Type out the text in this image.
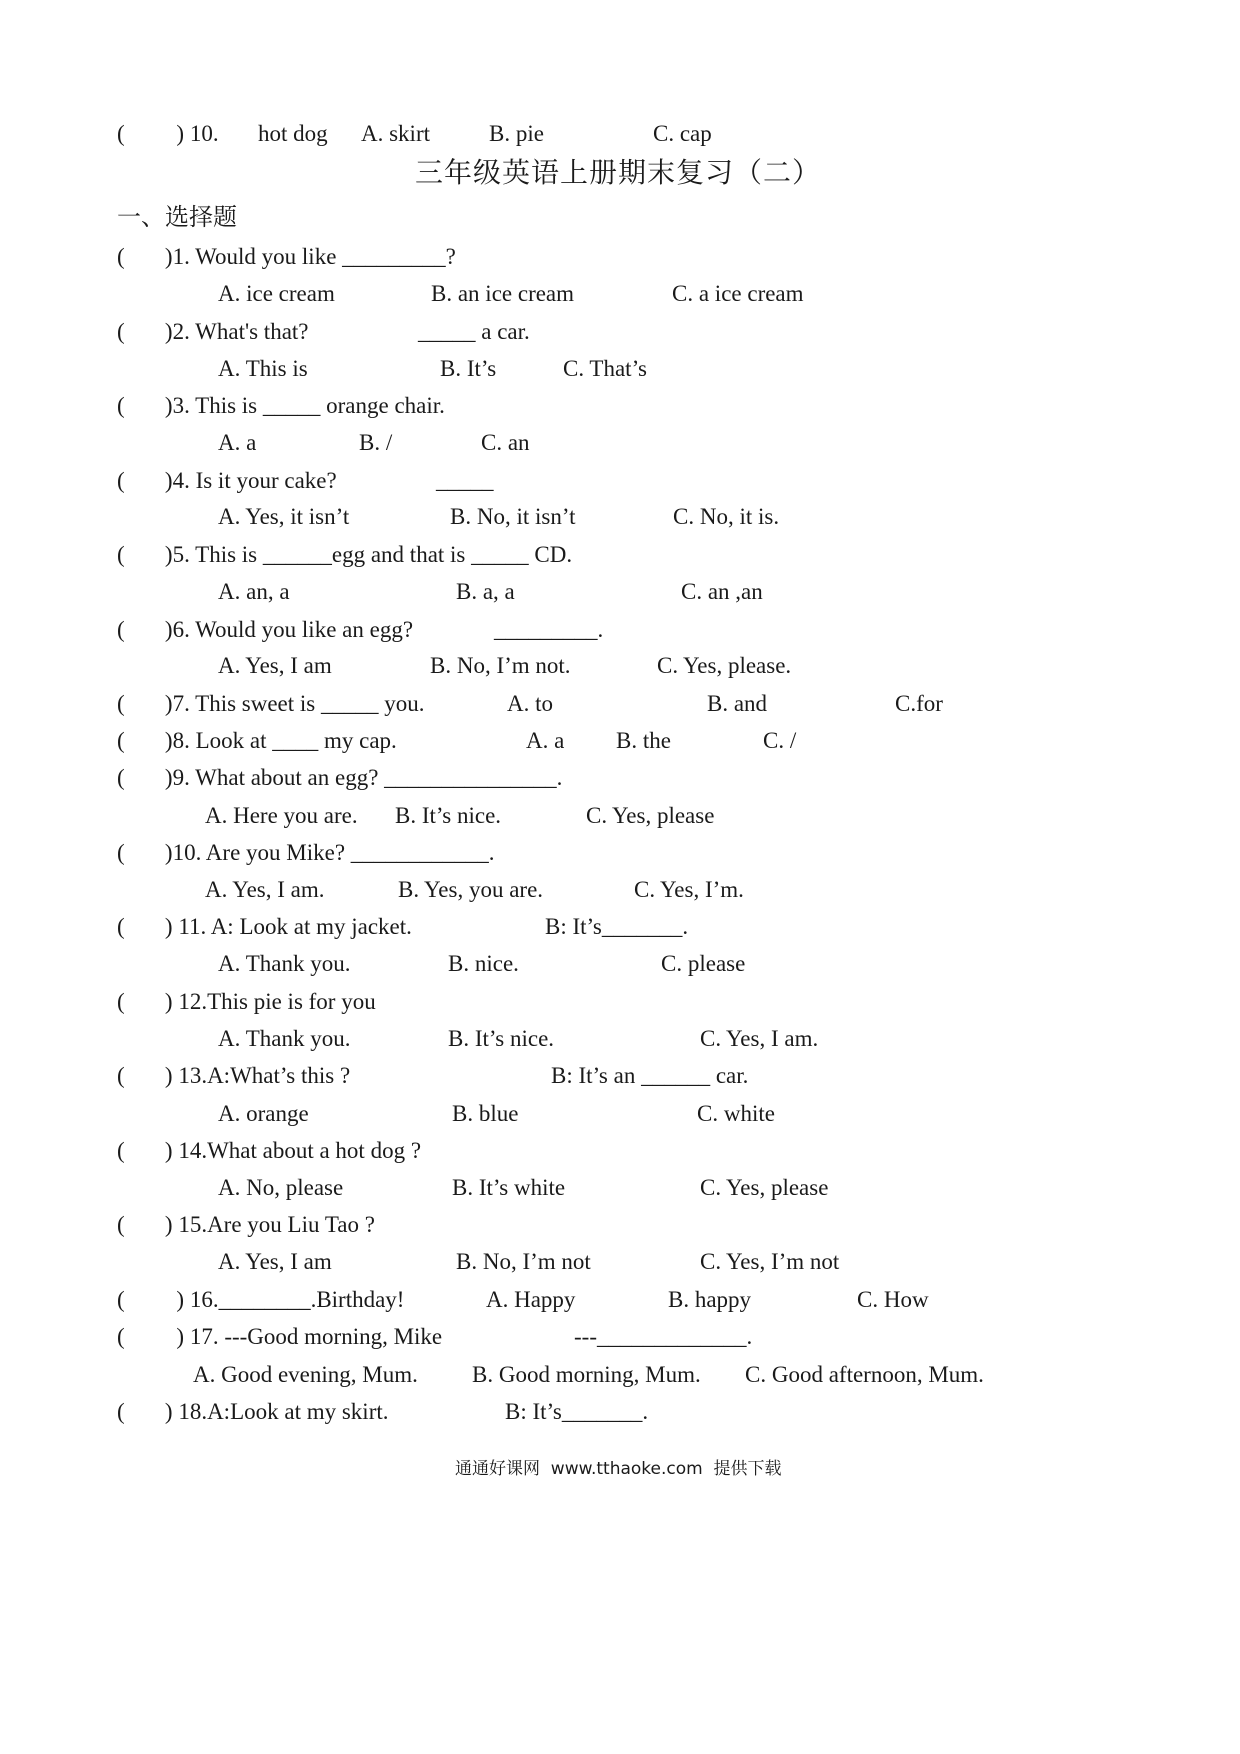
(         ) 10. hot dog A. skirt	B. pie	C. cap
三年级英语上册期末复习（二）
一、选择题
(       )1. Would you like _________?
A. ice cream	B. an ice cream	C. a ice cream
(       )2. What's that?	_____ a car.
A. This is	B. It’s	C. That’s
(       )3. This is _____ orange chair.
A. a	B. /	C. an
(       )4. Is it your cake?	_____
A. Yes, it isn’t	B. No, it isn’t	C. No, it is.
(       )5. This is ______egg and that is _____ CD.
A. an, a	B. a, a	C. an ,an
(       )6. Would you like an egg?	_________.
A. Yes, I am	B. No, I’m not.	C. Yes, please.
(       )7. This sweet is _____ you.	A. to	B. and	C.for
(       )8. Look at ____ my cap.	A. a B. the	C. /
(       )9. What about an egg? _______________.
A. Here you are. B. It’s nice.	C. Yes, please
(       )10. Are you Mike? ____________.
A. Yes, I am.	B. Yes, you are.	C. Yes, I’m.
(       ) 11. A: Look at my jacket.	B: It’s_______.
A. Thank you.	B. nice.	C. please
(       ) 12.This pie is for you
A. Thank you.	B. It’s nice.	C. Yes, I am.
(       ) 13.A:What’s this ?	B: It’s an ______ car.
A. orange	B. blue	C. white
(       ) 14.What about a hot dog ?
A. No, please	B. It’s white	C. Yes, please
(       ) 15.Are you Liu Tao ?
A. Yes, I am	B. No, I’m not	C. Yes, I’m not
(         ) 16.________.Birthday!	A. Happy	B. happy	C. How
(         ) 17. ---Good morning, Mike	---_____________.
A. Good evening, Mum. B. Good morning, Mum. C. Good afternoon, Mum.
(       ) 18.A:Look at my skirt.	B: It’s_______.
通通好课网  www.tthaoke.com  提供下载
